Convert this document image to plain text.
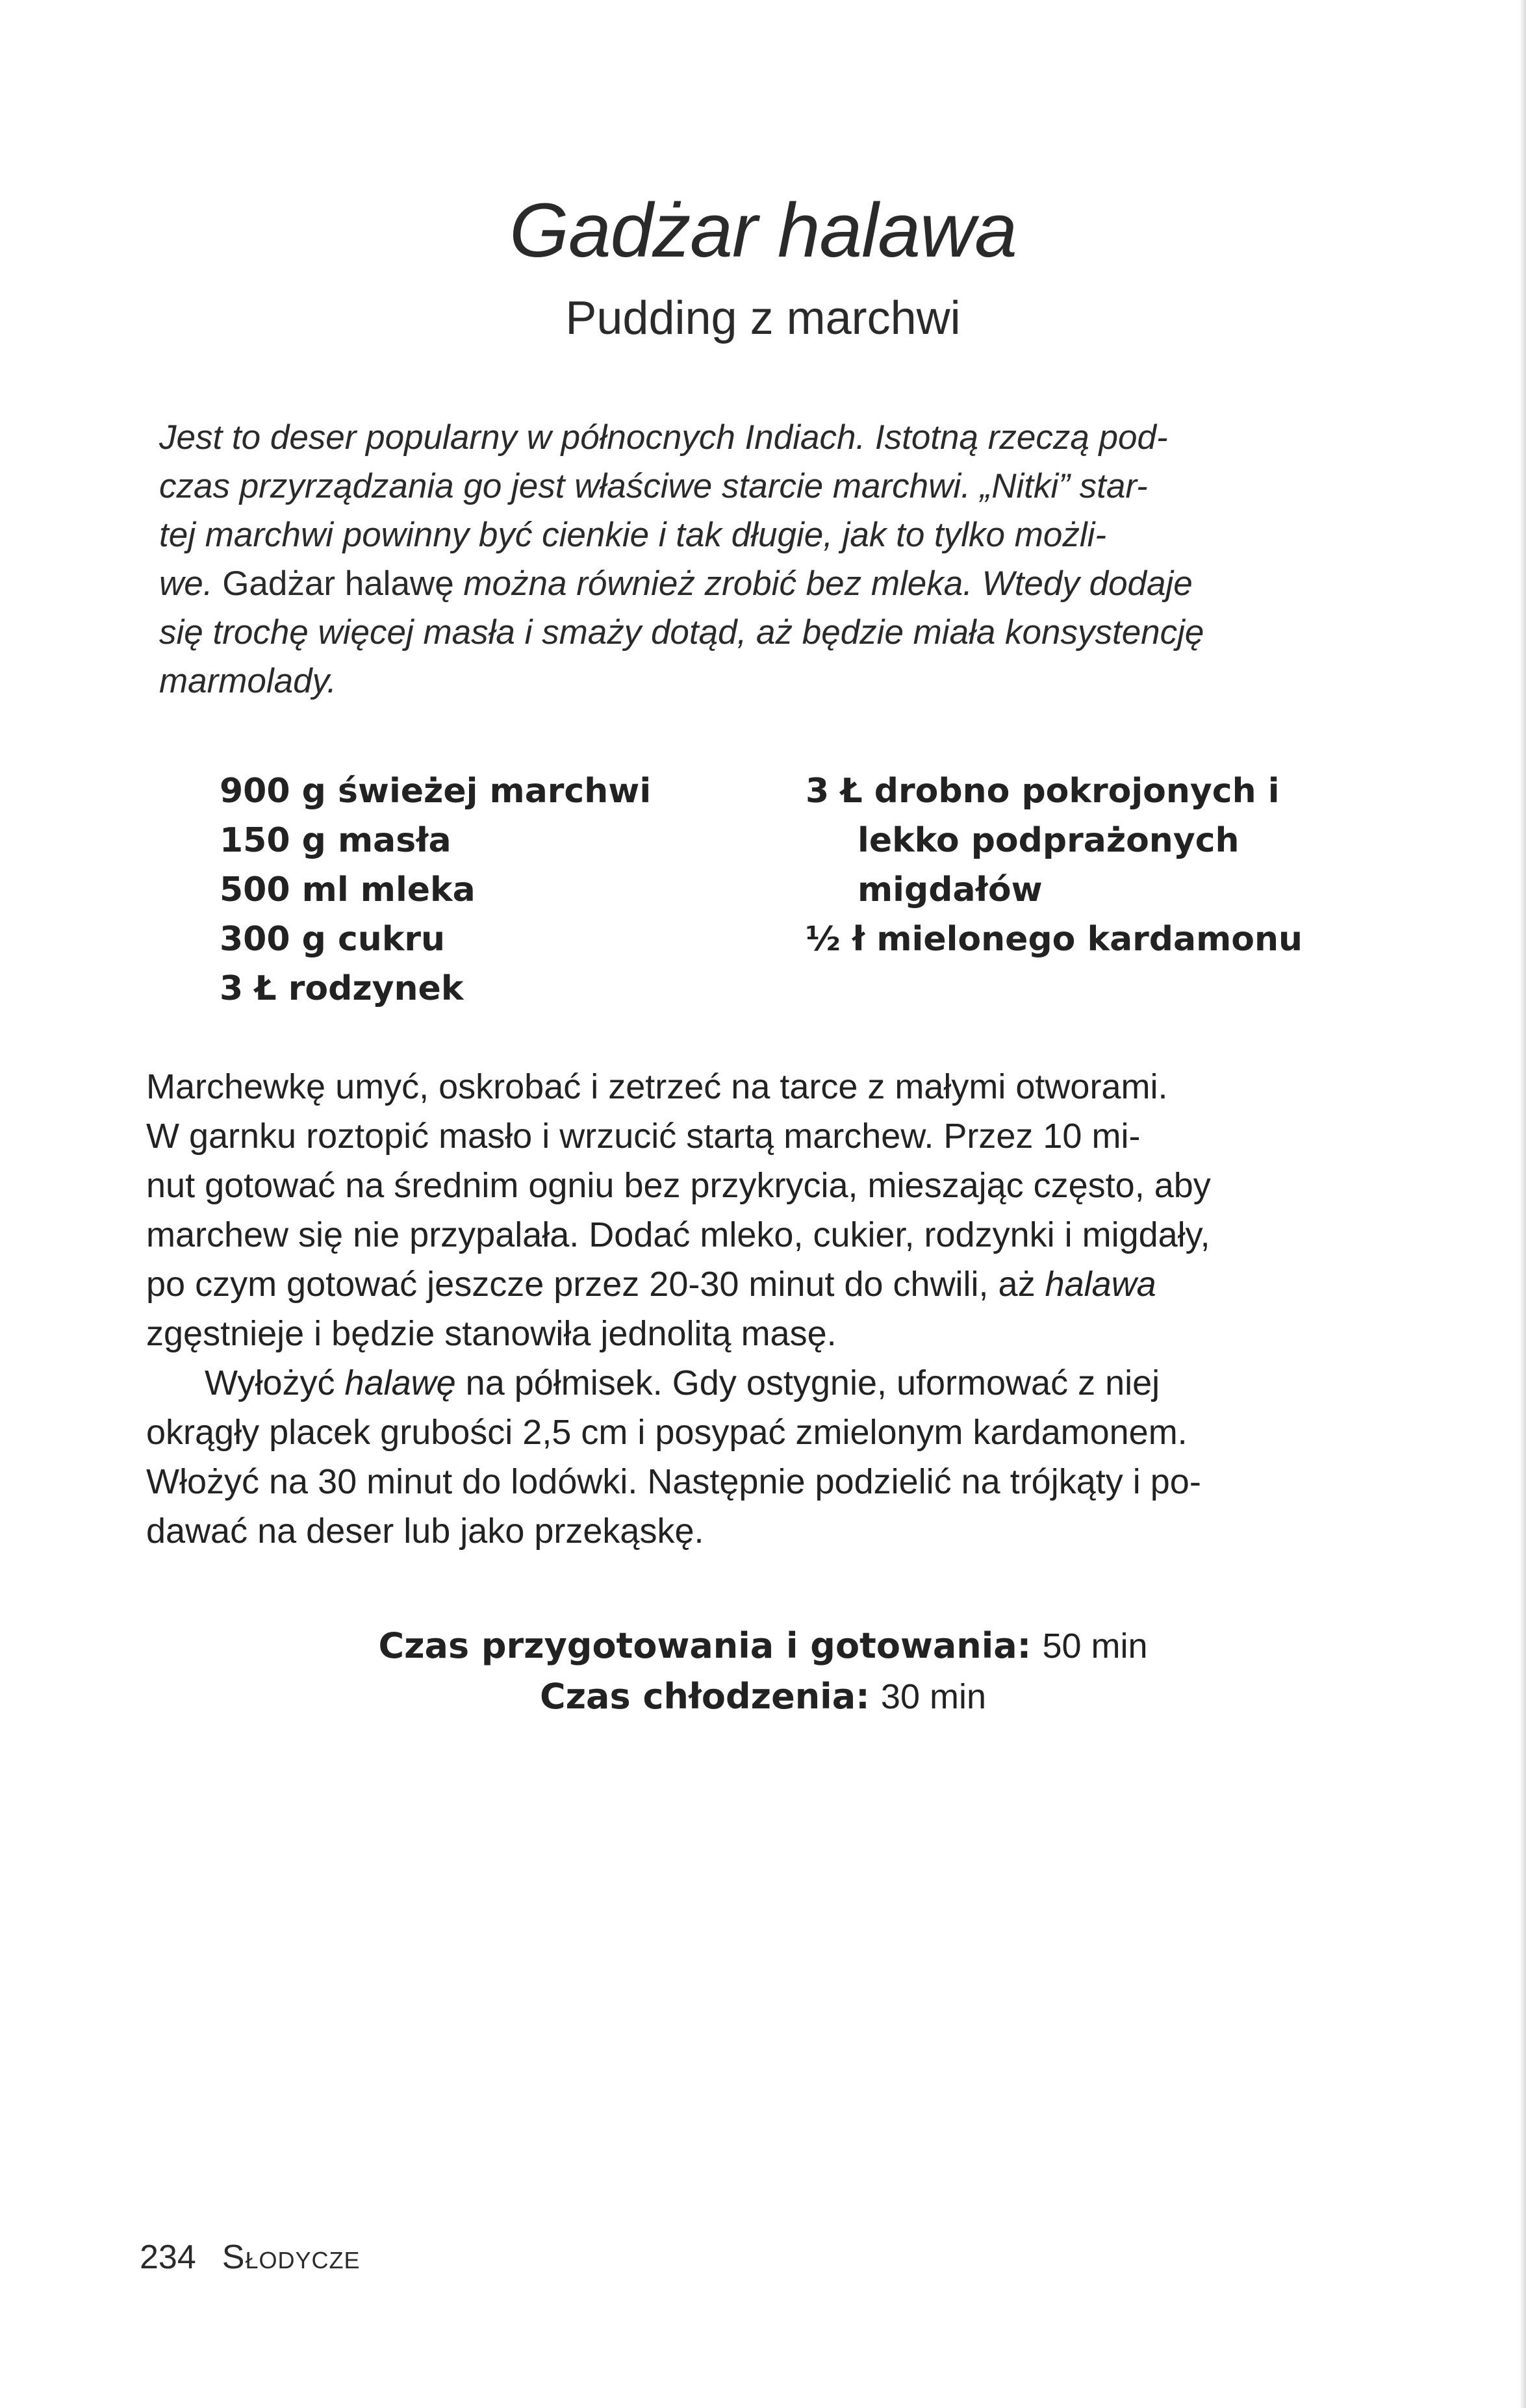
Gadżar halawa
Pudding z marchwi

Jest to deser popularny w północnych Indiach. Istotną rzeczą pod-
czas przyrządzania go jest właściwe starcie marchwi. „Nitki” star-
tej marchwi powinny być cienkie i tak długie, jak to tylko możli-
we. Gadżar halawę można również zrobić bez mleka. Wtedy dodaje
się trochę więcej masła i smaży dotąd, aż będzie miała konsystencję
marmolady.

900 g świeżej marchwi
150 g masła
500 ml mleka
300 g cukru
3 Ł rodzynek
3 Ł drobno pokrojonych i
lekko podprażonych
migdałów
½ ł mielonego kardamonu
Marchewkę umyć, oskrobać i zetrzeć na tarce z małymi otworami.
W garnku roztopić masło i wrzucić startą marchew. Przez 10 mi-
nut gotować na średnim ogniu bez przykrycia, mieszając często, aby
marchew się nie przypalała. Dodać mleko, cukier, rodzynki i migdały,
po czym gotować jeszcze przez 20-30 minut do chwili, aż halawa
zgęstnieje i będzie stanowiła jednolitą masę.
Wyłożyć halawę na półmisek. Gdy ostygnie, uformować z niej
okrągły placek grubości 2,5 cm i posypać zmielonym kardamonem.
Włożyć na 30 minut do lodówki. Następnie podzielić na trójkąty i po-
dawać na deser lub jako przekąskę.
Czas przygotowania i gotowania: 50 min
Czas chłodzenia: 30 min
234 Słodycze
